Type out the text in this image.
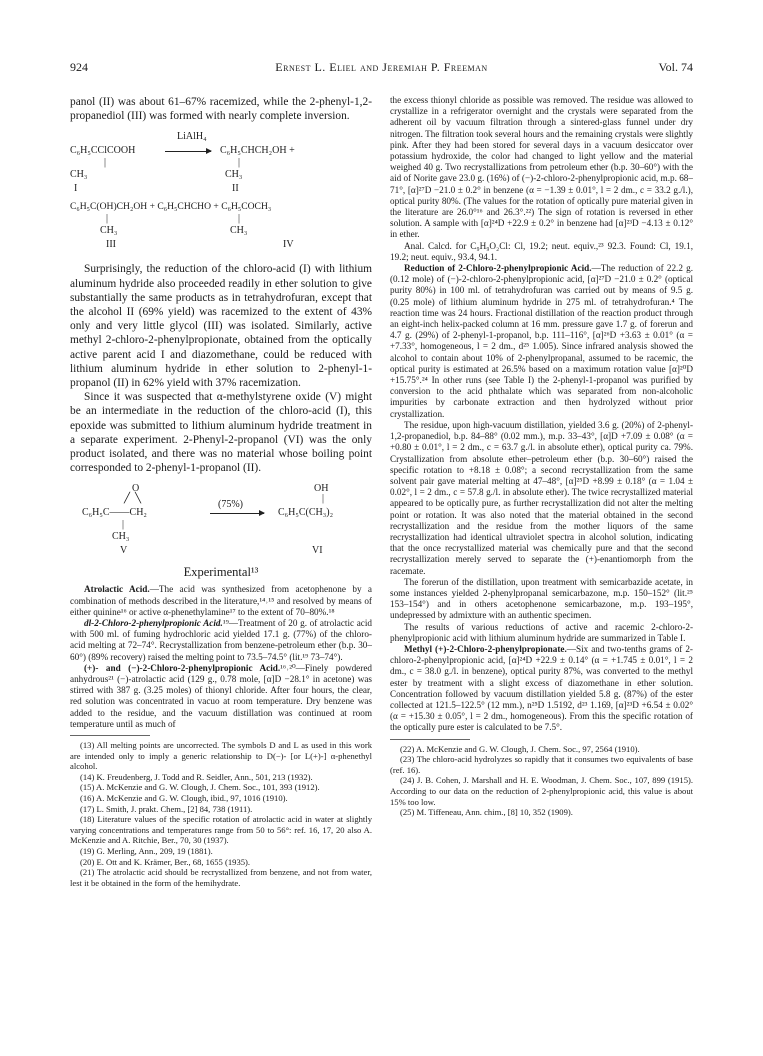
924	Ernest L. Eliel and Jeremiah P. Freeman	Vol. 74

panol (II) was about 61–67% racemized, while the 2-phenyl-1,2-propanediol (III) was formed with nearly complete inversion.

LiAlH₄
C₆H₅CClCOOH	C₆H₅CHCH₂OH +
|	|
CH₃	CH₃
I	II
C₆H₅C(OH)CH₂OH + C₆H₅CHCHO + C₆H₅COCH₃
|	|
CH₃	CH₃
III	IV

Surprisingly, the reduction of the chloro-acid (I) with lithium aluminum hydride also proceeded readily in ether solution to give substantially the same products as in tetrahydrofuran, except that the alcohol II (69% yield) was racemized to the extent of 43% only and very little glycol (III) was isolated. Similarly, active methyl 2-chloro-2-phenylpropionate, obtained from the optically active parent acid I and diazomethane, could be reduced with lithium aluminum hydride in ether solution to 2-phenyl-1-propanol (II) in 62% yield with 37% racemization.

Since it was suspected that α-methylstyrene oxide (V) might be an intermediate in the reduction of the chloro-acid (I), this epoxide was submitted to lithium aluminum hydride treatment in a separate experiment. 2-Phenyl-2-propanol (VI) was the only product isolated, and there was no material whose boiling point corresponded to 2-phenyl-1-propanol (II).

O
╱  ╲
OH
|
C₆H₅C——CH₂
(75%)
C₆H₅C(CH₃)₂
|
CH₃
V	VI
Experimental¹³

Atrolactic Acid.—The acid was synthesized from acetophenone by a combination of methods described in the literature,¹⁴˒¹⁵ and resolved by means of either quinine¹⁶ or active α-phenethylamine¹⁷ to the extent of 70–80%.¹⁸

dl-2-Chloro-2-phenylpropionic Acid.¹⁹—Treatment of 20 g. of atrolactic acid with 500 ml. of fuming hydrochloric acid yielded 17.1 g. (77%) of the chloro-acid melting at 72–74°. Recrystallization from benzene-petroleum ether (b.p. 30–60°) (89% recovery) raised the melting point to 73.5–74.5° (lit.¹⁹ 73–74°).

(+)- and (−)-2-Chloro-2-phenylpropionic Acid.¹⁶˒²⁰—Finely powdered anhydrous²¹ (−)-atrolactic acid (129 g., 0.78 mole, [α]D −28.1° in acetone) was stirred with 387 g. (3.25 moles) of thionyl chloride. After four hours, the clear, red solution was concentrated in vacuo at room temperature. Dry benzene was added to the residue, and the vacuum distillation was continued at room temperature until as much of

(13) All melting points are uncorrected. The symbols D and L as used in this work are intended only to imply a generic relationship to D(−)- [or L(+)-] α-phenethyl alcohol.

(14) K. Freudenberg, J. Todd and R. Seidler, Ann., 501, 213 (1932).

(15) A. McKenzie and G. W. Clough, J. Chem. Soc., 101, 393 (1912).

(16) A. McKenzie and G. W. Clough, ibid., 97, 1016 (1910).

(17) L. Smith, J. prakt. Chem., [2] 84, 738 (1911).

(18) Literature values of the specific rotation of atrolactic acid in water at slightly varying concentrations and temperatures range from 50 to 56°: ref. 16, 17, 20 also A. McKenzie and A. Ritchie, Ber., 70, 30 (1937).

(19) G. Merling, Ann., 209, 19 (1881).

(20) E. Ott and K. Krämer, Ber., 68, 1655 (1935).

(21) The atrolactic acid should be recrystallized from benzene, and not from water, lest it be obtained in the form of the hemihydrate.

the excess thionyl chloride as possible was removed. The residue was allowed to crystallize in a refrigerator overnight and the crystals were separated from the adherent oil by vacuum filtration through a sintered-glass funnel under dry nitrogen. The filtration took several hours and the remaining crystals were slightly pink. After they had been stored for several days in a vacuum desiccator over potassium hydroxide, the color had changed to light yellow and the material weighed 40 g. Two recrystallizations from petroleum ether (b.p. 30–60°) with the aid of Norite gave 23.0 g. (16%) of (−)-2-chloro-2-phenylpropionic acid, m.p. 68–71°, [α]²⁷D −21.0 ± 0.2° in benzene (α = −1.39 ± 0.01°, l = 2 dm., c = 33.2 g./l.), optical purity 80%. (The values for the rotation of optically pure material given in the literature are 26.0°¹⁶ and 26.3°.²²) The sign of rotation is reversed in ether solution. A sample with [α]²⁴D +22.9 ± 0.2° in benzene had [α]²³D −4.13 ± 0.12° in ether.

Anal. Calcd. for C₉H₉O₂Cl: Cl, 19.2; neut. equiv.,²³ 92.3. Found: Cl, 19.1, 19.2; neut. equiv., 93.4, 94.1.

Reduction of 2-Chloro-2-phenylpropionic Acid.—The reduction of 22.2 g. (0.12 mole) of (−)-2-chloro-2-phenylpropionic acid, [α]²⁷D −21.0 ± 0.2° (optical purity 80%) in 100 ml. of tetrahydrofuran was carried out by means of 9.5 g. (0.25 mole) of lithium aluminum hydride in 275 ml. of tetrahydrofuran.⁴ The reaction time was 24 hours. Fractional distillation of the reaction product through an eight-inch helix-packed column at 16 mm. pressure gave 1.7 g. of forerun and 4.7 g. (29%) of 2-phenyl-1-propanol, b.p. 111–116°, [α]²⁶D +3.63 ± 0.01° (α = +7.33°, homogeneous, l = 2 dm., d²⁵ 1.005). Since infrared analysis showed the alcohol to contain about 10% of 2-phenylpropanal, assumed to be racemic, the optical purity is estimated at 26.5% based on a maximum rotation value [α]²⁰D +15.75°.²⁴ In other runs (see Table I) the 2-phenyl-1-propanol was purified by conversion to the acid phthalate which was separated from non-alcoholic impurities by carbonate extraction and then hydrolyzed without prior crystallization.

The residue, upon high-vacuum distillation, yielded 3.6 g. (20%) of 2-phenyl-1,2-propanediol, b.p. 84–88° (0.02 mm.), m.p. 33–43°, [α]D +7.09 ± 0.08° (α = +0.80 ± 0.01°, l = 2 dm., c = 63.7 g./l. in absolute ether), optical purity ca. 79%. Crystallization from absolute ether–petroleum ether (b.p. 30–60°) raised the specific rotation to +8.18 ± 0.08°; a second recrystallization from the same solvent pair gave material melting at 47–48°, [α]²⁵D +8.99 ± 0.18° (α = 1.04 ± 0.02°, l = 2 dm., c = 57.8 g./l. in absolute ether). The twice recrystallized material appeared to be optically pure, as further recrystallization did not alter the melting point or rotation. It was also noted that the material obtained in the second recrystallization and the residue from the mother liquors of the same recrystallization had identical ultraviolet spectra in alcohol solution, indicating that the once recrystallized material was chemically pure and that the second recrystallization merely served to separate the (+)-enantiomorph from the racemate.

The forerun of the distillation, upon treatment with semicarbazide acetate, in some instances yielded 2-phenylpropanal semicarbazone, m.p. 150–152° (lit.²⁵ 153–154°) and in others acetophenone semicarbazone, m.p. 193–195°, undepressed by admixture with an authentic specimen.

The results of various reductions of active and racemic 2-chloro-2-phenylpropionic acid with lithium aluminum hydride are summarized in Table I.

Methyl (+)-2-Chloro-2-phenylpropionate.—Six and two-tenths grams of 2-chloro-2-phenylpropionic acid, [α]²⁴D +22.9 ± 0.14° (α = +1.745 ± 0.01°, l = 2 dm., c = 38.0 g./l. in benzene), optical purity 87%, was converted to the methyl ester by treatment with a slight excess of diazomethane in ether solution. Concentration followed by vacuum distillation yielded 5.8 g. (87%) of the ester collected at 121.5–122.5° (12 mm.), n²⁵D 1.5192, d²³ 1.169, [α]²³D +6.54 ± 0.02° (α = +15.30 ± 0.05°, l = 2 dm., homogeneous). From this the specific rotation of the optically pure ester is calculated to be 7.5°.

(22) A. McKenzie and G. W. Clough, J. Chem. Soc., 97, 2564 (1910).

(23) The chloro-acid hydrolyzes so rapidly that it consumes two equivalents of base (ref. 16).

(24) J. B. Cohen, J. Marshall and H. E. Woodman, J. Chem. Soc., 107, 899 (1915). According to our data on the reduction of 2-phenylpropionic acid, this value is about 15% too low.

(25) M. Tiffeneau, Ann. chim., [8] 10, 352 (1909).
